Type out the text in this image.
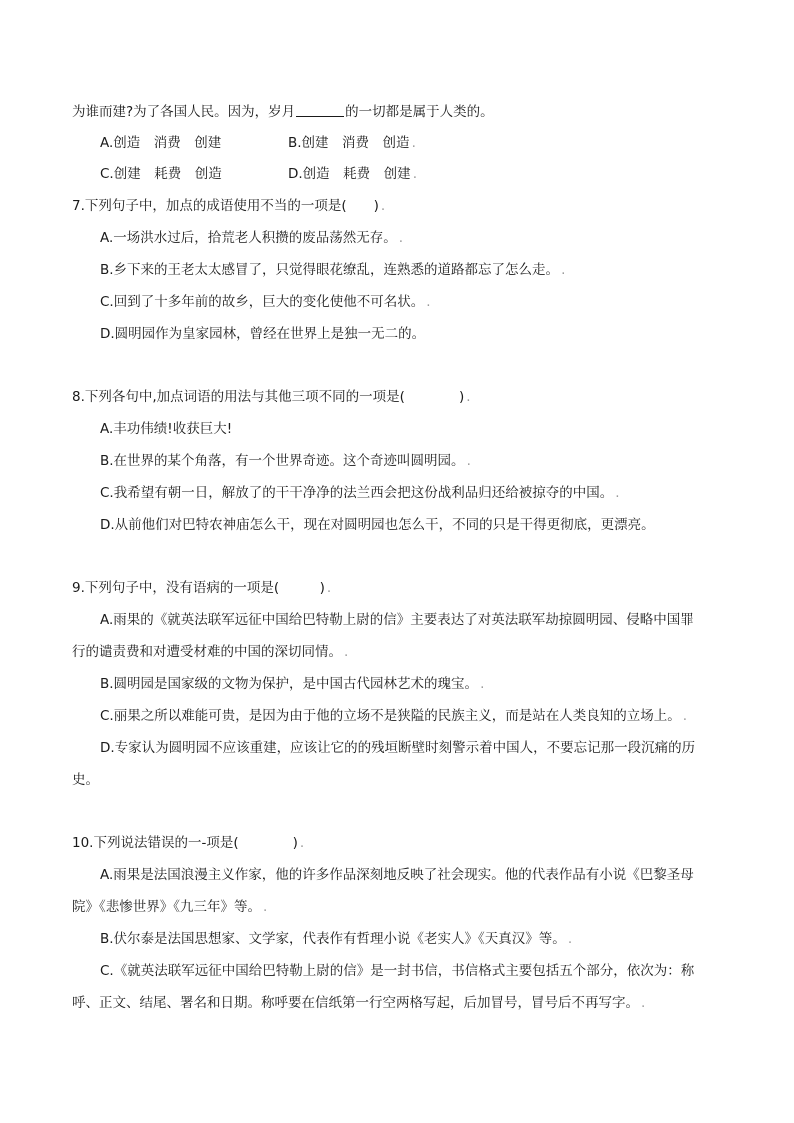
为谁而建?为了各国人民。因为，岁月	的一切都是属于人类的。
A.创造　消费　创建	B.创建　消费　创造 .
C.创建　耗费　创造	D.创造　耗费　创建 .
7.下列句子中，加点的成语使用不当的一项是(　　) .
A.一场洪水过后，拾荒老人积攒的废品荡然无存。 .
B.乡下来的王老太太感冒了，只觉得眼花缭乱，连熟悉的道路都忘了怎么走。 .
C.回到了十多年前的故乡，巨大的变化使他不可名状。 .
D.圆明园作为皇家园林，曾经在世界上是独一无二的。
8.下列各句中,加点词语的用法与其他三项不同的一项是(　　　　) .
A.丰功伟绩!收获巨大!
B.在世界的某个角落，有一个世界奇迹。这个奇迹叫圆明园。 .
C.我希望有朝一日，解放了的干干净净的法兰西会把这份战利品归还给被掠夺的中国。 .
D.从前他们对巴特农神庙怎么干，现在对圆明园也怎么干，不同的只是干得更彻底，更漂亮。
9.下列句子中，没有语病的一项是(　　　) .
A.雨果的《就英法联军远征中国给巴特勒上尉的信》主要表达了对英法联军劫掠圆明园、侵略中国罪
行的谴责费和对遭受材难的中国的深切同情。 .
B.圆明园是国家级的文物为保护，是中国古代园林艺术的瑰宝。 .
C.丽果之所以难能可贵，是因为由于他的立场不是狭隘的民族主义，而是站在人类良知的立场上。 .
D.专家认为圆明园不应该重建，应该让它的的残垣断壁时刻警示着中国人，不要忘记那一段沉痛的历
史。
10.下列说法错误的一-项是(　　　　) .
A.雨果是法国浪漫主义作家，他的许多作品深刻地反映了社会现实。他的代表作品有小说《巴黎圣母
院》《悲惨世界》《九三年》等。 .
B.伏尔泰是法国思想家、文学家，代表作有哲理小说《老实人》《天真汉》等。 .
C.《就英法联军远征中国给巴特勒上尉的信》是一封书信，书信格式主要包括五个部分，依次为：称
呼、正文、结尾、署名和日期。称呼要在信纸第一行空两格写起，后加冒号，冒号后不再写字。 .
